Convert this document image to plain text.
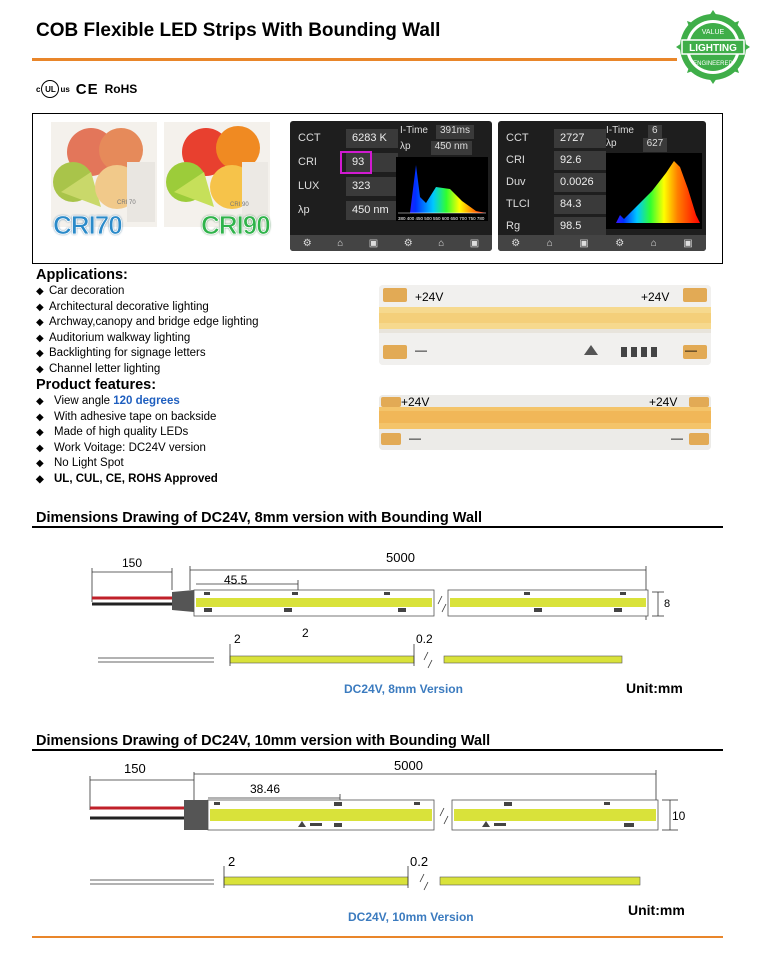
COB Flexible LED Strips With Bounding Wall
LIGHTING
VALUE
ENGINEERED
c UL us CE RoHS
CRI 70	CRI 90
CRI70	CRI90
CCT	6283 K
CRI	93
LUX	323
λp	450 nm
I-Time	391ms
λp	450 nm
380 400 450 500 550 600 650 700 750 780
⚙	⌂	▣	⚙	⌂	▣
CCT	2727
CRI	92.6
Duv	0.0026
TLCI	84.3
Rg	98.5
I-Time	6
λp	627
⚙	⌂	▣	⚙	⌂	▣
Applications:
◆ Car decoration
◆ Architectural decorative lighting
◆ Archway,canopy and bridge edge lighting
◆ Auditorium walkway lighting
◆ Backlighting for signage letters
◆ Channel letter lighting
Product features:
◆ View angle 120 degrees
◆ With adhesive tape on backside
◆ Made of high quality LEDs
◆ Work Voitage: DC24V version
◆ No Light Spot
◆ UL, CUL, CE, ROHS Approved
+24V	+24V
—	—
+24V	+24V
—	—
Dimensions Drawing of DC24V, 8mm version with Bounding Wall
150	5000
45.5
8
2	2	0.2
DC24V, 8mm Version	Unit:mm
Dimensions Drawing of DC24V, 10mm version with Bounding Wall
150	5000
38.46
10
2	0.2
DC24V, 10mm Version	Unit:mm
